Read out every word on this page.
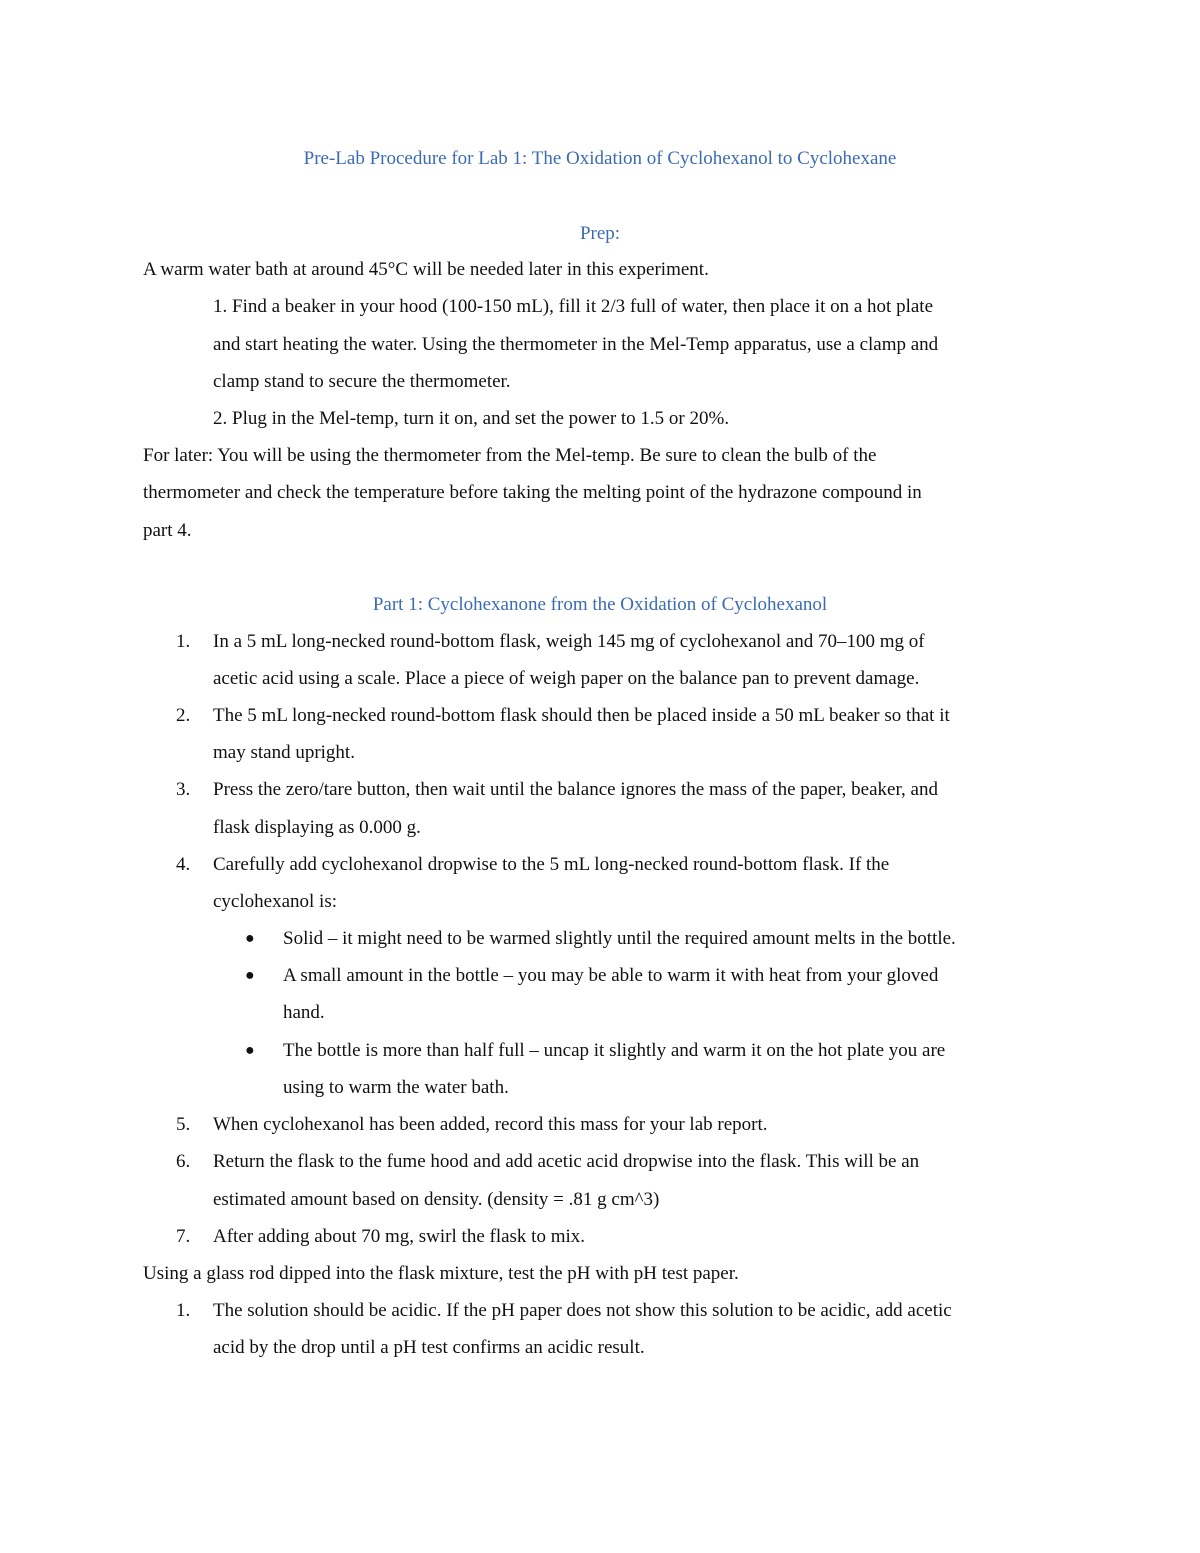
Pre-Lab Procedure for Lab 1: The Oxidation of Cyclohexanol to Cyclohexane
Prep:
A warm water bath at around 45°C will be needed later in this experiment.
1. Find a beaker in your hood (100-150 mL), fill it 2/3 full of water, then place it on a hot plate
and start heating the water. Using the thermometer in the Mel-Temp apparatus, use a clamp and
clamp stand to secure the thermometer.
2. Plug in the Mel-temp, turn it on, and set the power to 1.5 or 20%.
For later: You will be using the thermometer from the Mel-temp. Be sure to clean the bulb of the
thermometer and check the temperature before taking the melting point of the hydrazone compound in
part 4.
Part 1: Cyclohexanone from the Oxidation of Cyclohexanol
1. In a 5 mL long-necked round-bottom flask, weigh 145 mg of cyclohexanol and 70–100 mg of
acetic acid using a scale. Place a piece of weigh paper on the balance pan to prevent damage.
2. The 5 mL long-necked round-bottom flask should then be placed inside a 50 mL beaker so that it
may stand upright.
3. Press the zero/tare button, then wait until the balance ignores the mass of the paper, beaker, and
flask displaying as 0.000 g.
4. Carefully add cyclohexanol dropwise to the 5 mL long-necked round-bottom flask. If the
cyclohexanol is:
● Solid – it might need to be warmed slightly until the required amount melts in the bottle.
● A small amount in the bottle – you may be able to warm it with heat from your gloved
hand.
● The bottle is more than half full – uncap it slightly and warm it on the hot plate you are
using to warm the water bath.
5. When cyclohexanol has been added, record this mass for your lab report.
6. Return the flask to the fume hood and add acetic acid dropwise into the flask. This will be an
estimated amount based on density. (density = .81 g cm^3)
7. After adding about 70 mg, swirl the flask to mix.
Using a glass rod dipped into the flask mixture, test the pH with pH test paper.
1. The solution should be acidic. If the pH paper does not show this solution to be acidic, add acetic
acid by the drop until a pH test confirms an acidic result.
